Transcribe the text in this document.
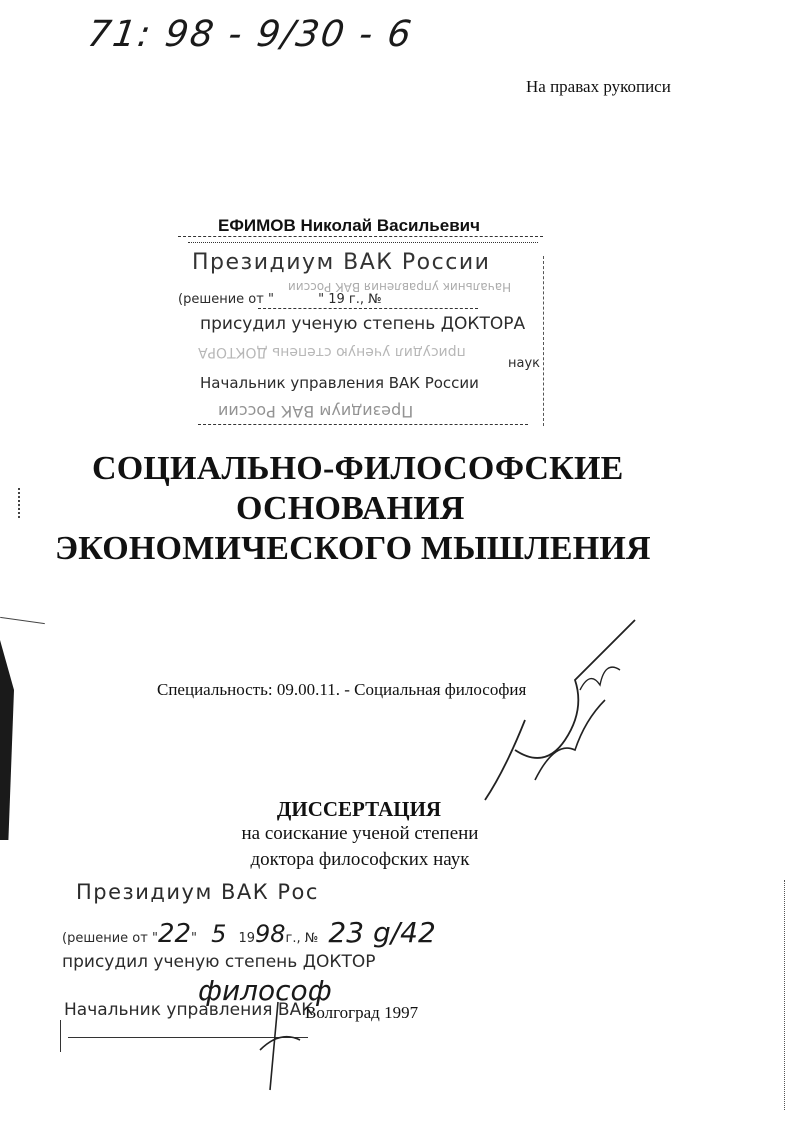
71: 98 - 9/30 - 6
На правах рукописи
ЕФИМОВ Николай Васильевич
Президиум ВАК России
Начальник управления ВАК России
(решение от "	" 19 г., №
присудил ученую степень ДОКТОРА
присудил ученую степень ДОКТОРА
наук
Начальник управления ВАК России
Президиум ВАК России
СОЦИАЛЬНО-ФИЛОСОФСКИЕ
ОСНОВАНИЯ
ЭКОНОМИЧЕСКОГО МЫШЛЕНИЯ
Специальность: 09.00.11. - Социальная философия
ДИССЕРТАЦИЯ
на соискание ученой степени
доктора философских наук
Президиум ВАК Рос
(решение от "22" 5 1998г., № 23 g/42
присудил ученую степень ДОКТОР
философ
Начальник управления ВАК
Волгоград 1997
